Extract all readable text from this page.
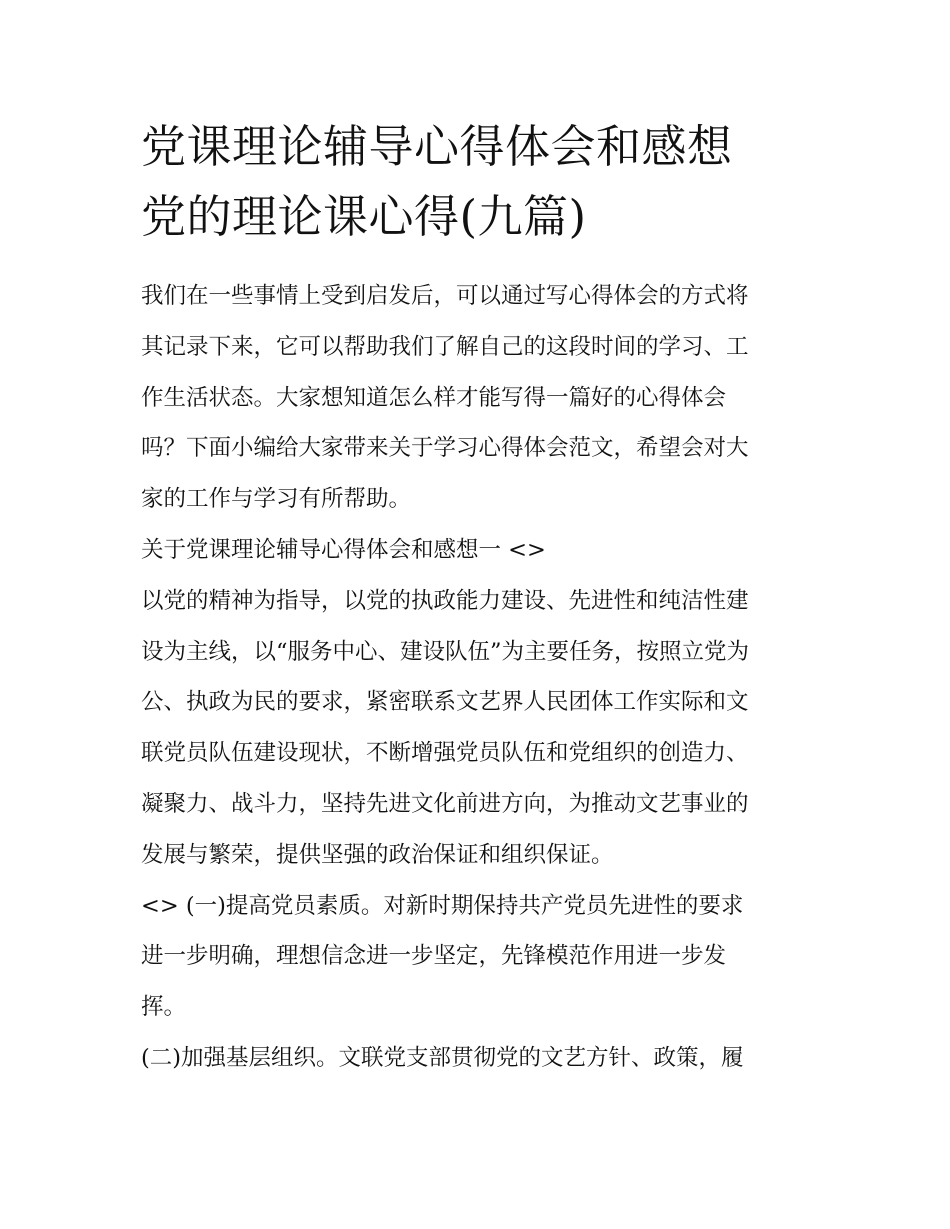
党课理论辅导心得体会和感想
党的理论课心得(九篇)
我们在一些事情上受到启发后，可以通过写心得体会的方式将
其记录下来，它可以帮助我们了解自己的这段时间的学习、工
作生活状态。大家想知道怎么样才能写得一篇好的心得体会
吗？下面小编给大家带来关于学习心得体会范文，希望会对大
家的工作与学习有所帮助。
关于党课理论辅导心得体会和感想一 <>
以党的精神为指导，以党的执政能力建设、先进性和纯洁性建
设为主线，以“服务中心、建设队伍”为主要任务，按照立党为
公、执政为民的要求，紧密联系文艺界人民团体工作实际和文
联党员队伍建设现状，不断增强党员队伍和党组织的创造力、
凝聚力、战斗力，坚持先进文化前进方向，为推动文艺事业的
发展与繁荣，提供坚强的政治保证和组织保证。
<> (一)提高党员素质。对新时期保持共产党员先进性的要求
进一步明确，理想信念进一步坚定，先锋模范作用进一步发
挥。
(二)加强基层组织。文联党支部贯彻党的文艺方针、政策，履
